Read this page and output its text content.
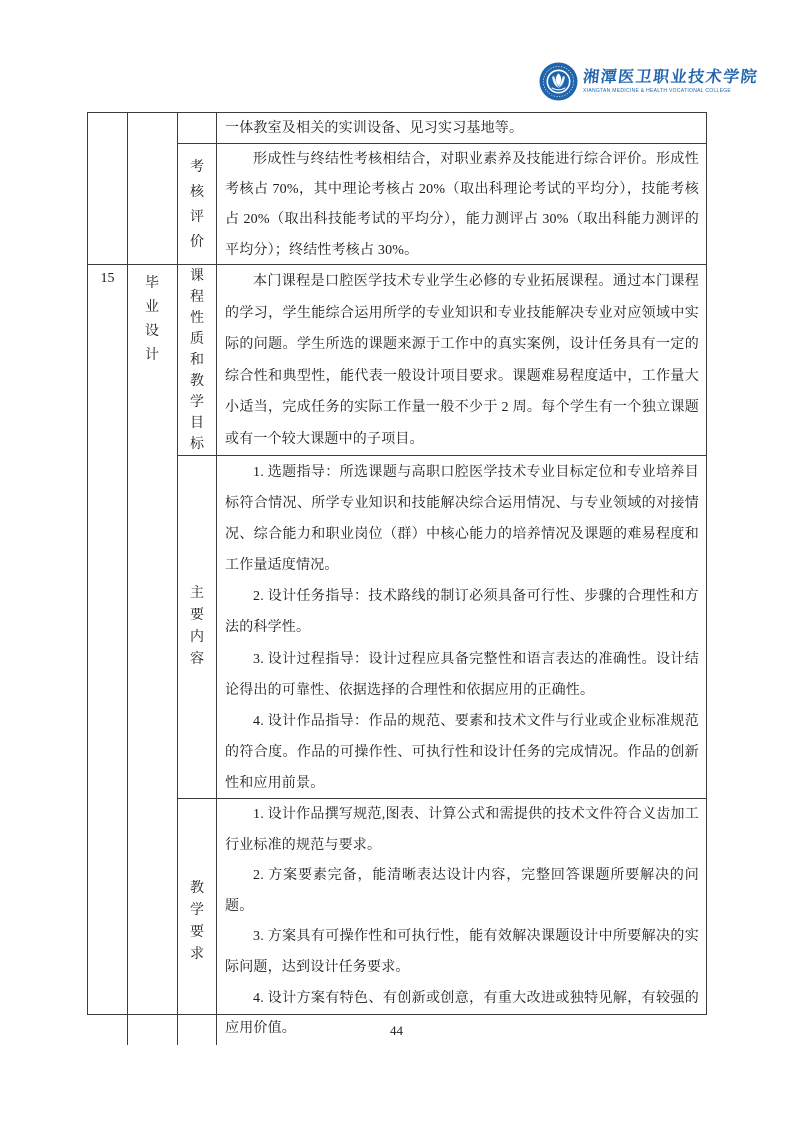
湘潭医卫职业技术学院
XIANGTAN MEDICINE & HEALTH VOCATIONAL COLLEGE

一体教室及相关的实训设备、见习实习基地等。

考核评价

形成性与终结性考核相结合，对职业素养及技能进行综合评价。形成性考核占 70%，其中理论考核占 20%（取出科理论考试的平均分），技能考核占 20%（取出科技能考试的平均分），能力测评占 30%（取出科能力测评的平均分）；终结性考核占 30%。

15	毕业设计
课程性质和教学目标

本门课程是口腔医学技术专业学生必修的专业拓展课程。通过本门课程的学习，学生能综合运用所学的专业知识和专业技能解决专业对应领域中实际的问题。学生所选的课题来源于工作中的真实案例，设计任务具有一定的综合性和典型性，能代表一般设计项目要求。课题难易程度适中，工作量大小适当，完成任务的实际工作量一般不少于 2 周。每个学生有一个独立课题或有一个较大课题中的子项目。

主要内容

1. 选题指导：所选课题与高职口腔医学技术专业目标定位和专业培养目标符合情况、所学专业知识和技能解决综合运用情况、与专业领域的对接情况、综合能力和职业岗位（群）中核心能力的培养情况及课题的难易程度和工作量适度情况。

2. 设计任务指导：技术路线的制订必须具备可行性、步骤的合理性和方法的科学性。

3. 设计过程指导：设计过程应具备完整性和语言表达的准确性。设计结论得出的可靠性、依据选择的合理性和依据应用的正确性。

4. 设计作品指导：作品的规范、要素和技术文件与行业或企业标准规范的符合度。作品的可操作性、可执行性和设计任务的完成情况。作品的创新性和应用前景。

教学要求

1. 设计作品撰写规范,图表、计算公式和需提供的技术文件符合义齿加工行业标准的规范与要求。

2. 方案要素完备，能清晰表达设计内容，完整回答课题所要解决的问题。

3. 方案具有可操作性和可执行性，能有效解决课题设计中所要解决的实际问题，达到设计任务要求。

4. 设计方案有特色、有创新或创意，有重大改进或独特见解，有较强的应用价值。	44
